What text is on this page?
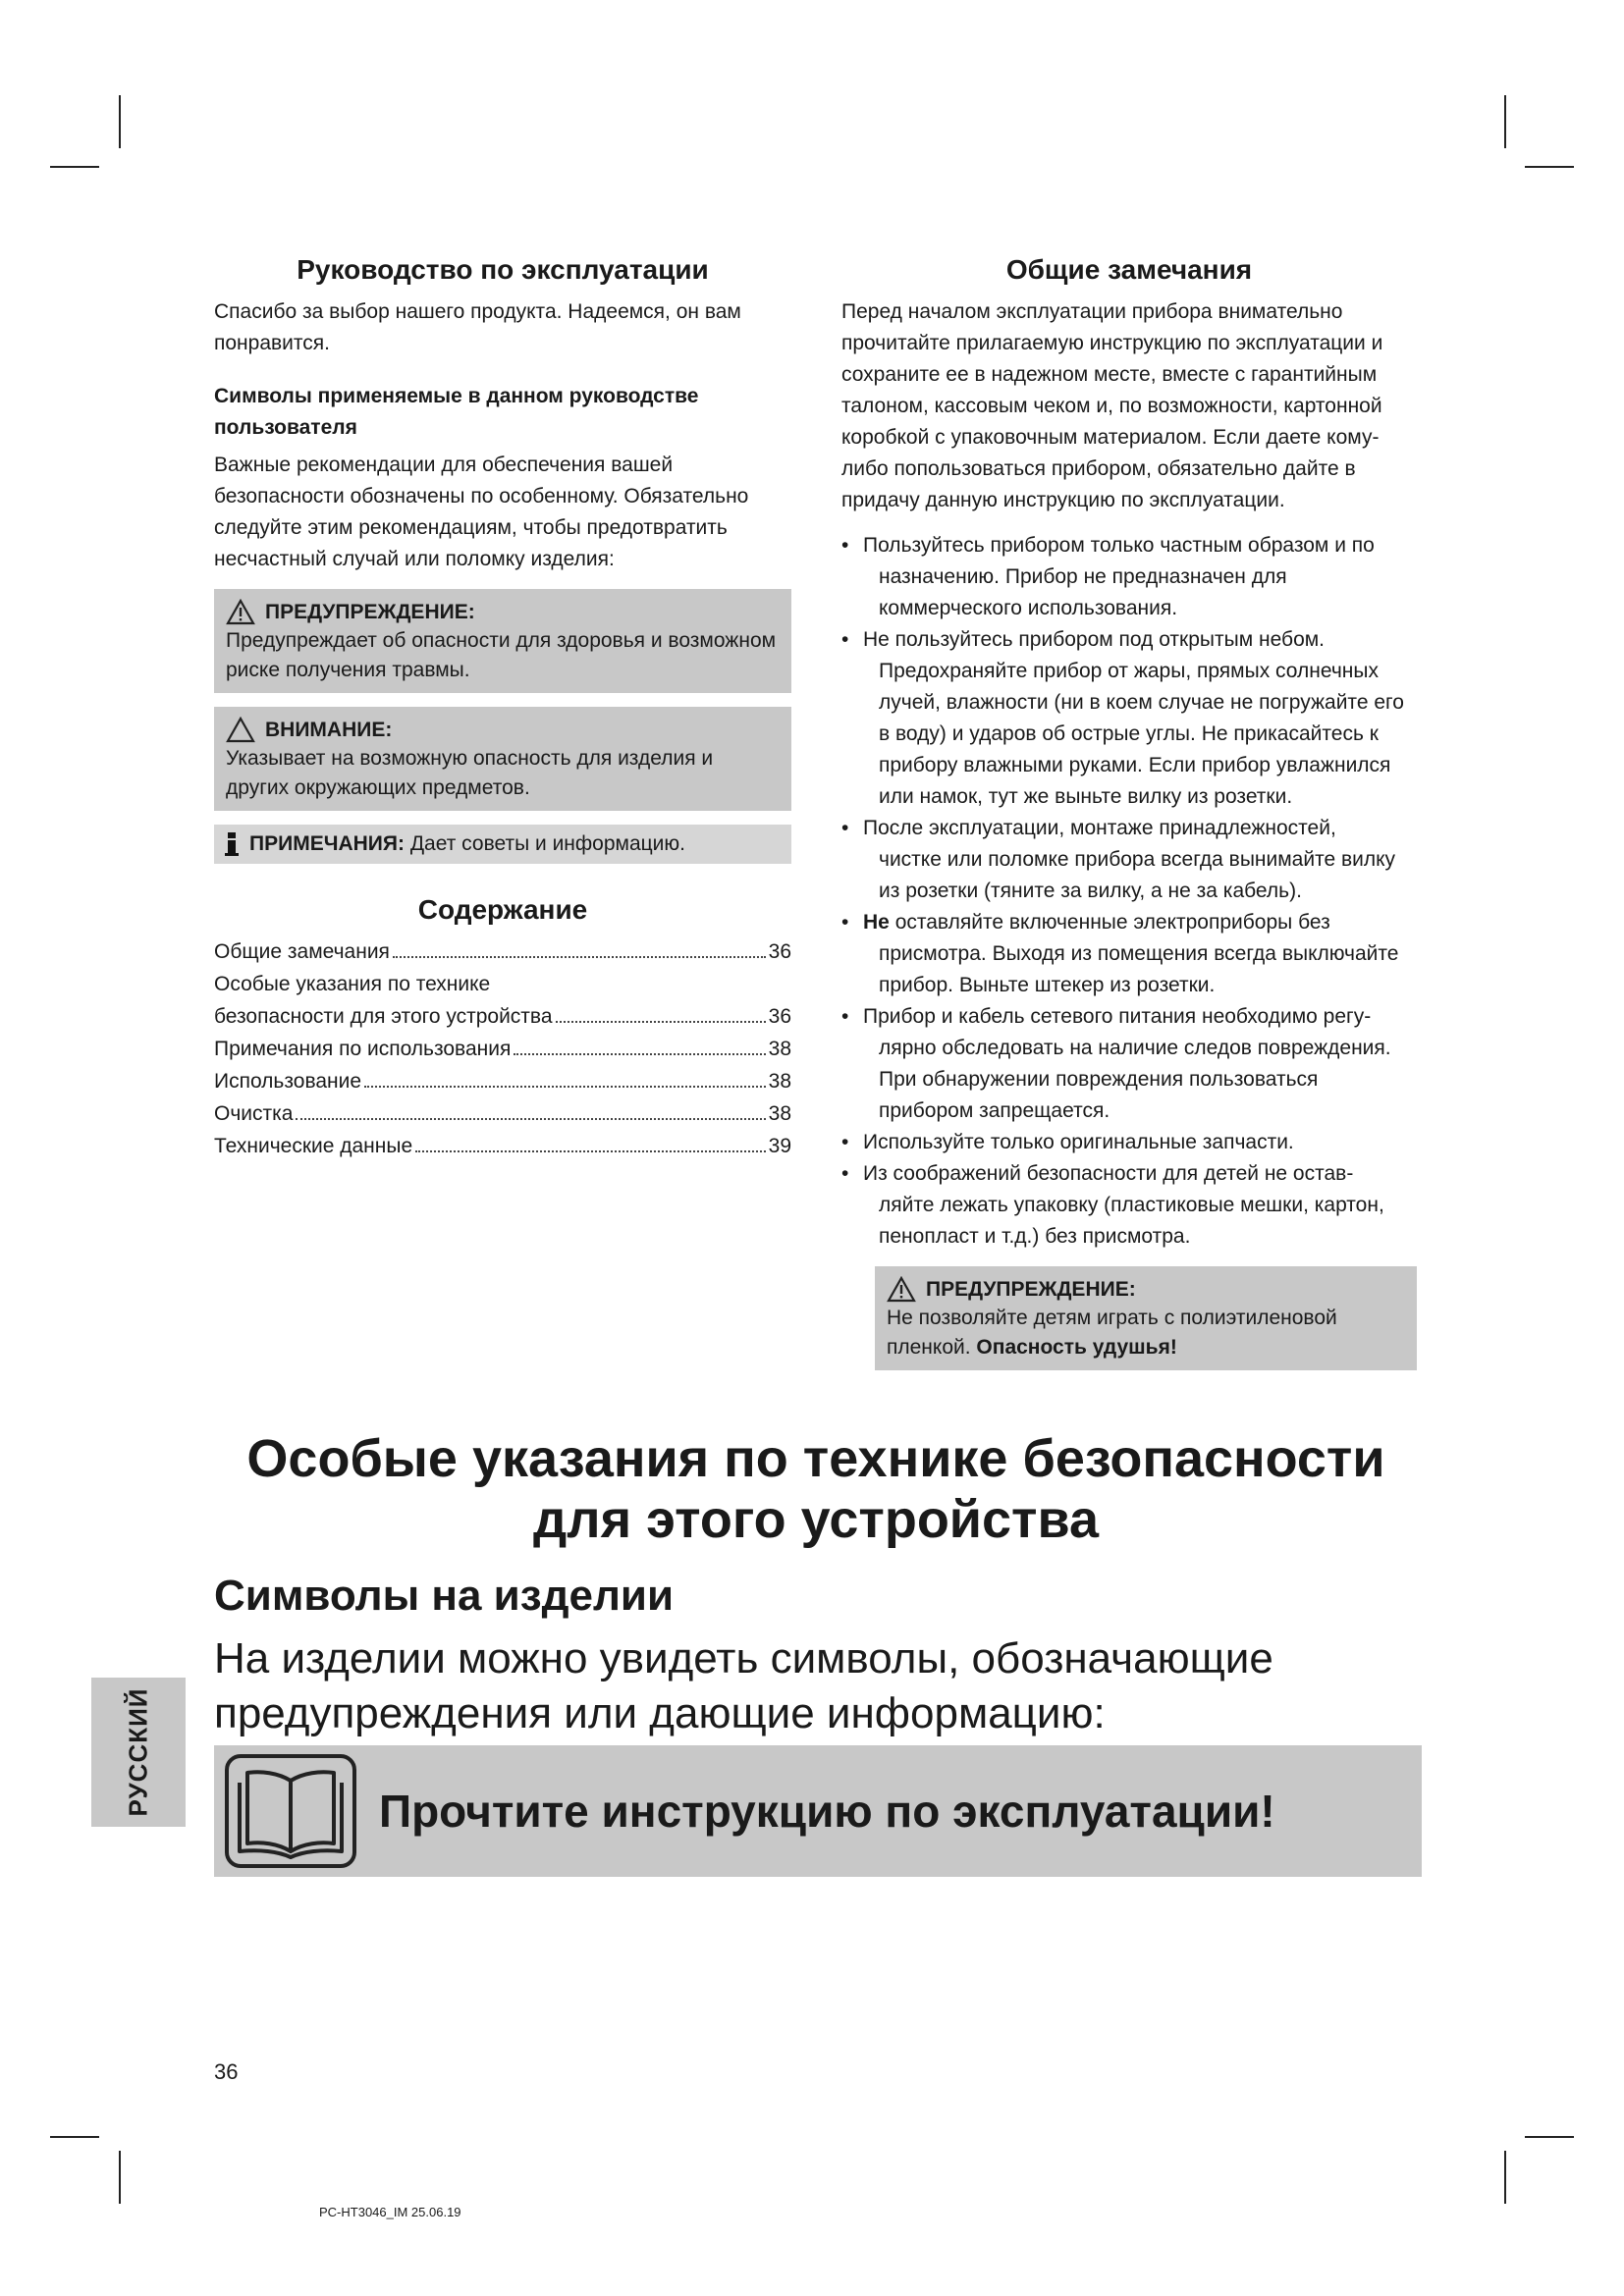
Руководство по эксплуатации

Спасибо за выбор нашего продукта. Надеемся, он вам понравится.

Символы применяемые в данном руководстве пользователя

Важные рекомендации для обеспечения вашей безопасности обозначены по особенному. Обязательно следуйте этим рекомендациям, чтобы предотвратить несчастный случай или поломку изделия:

ПРЕДУПРЕЖДЕНИЕ:
Предупреждает об опасности для здоровья и возможном риске получения травмы.
ВНИМАНИЕ:
Указывает на возможную опасность для изделия и других окружающих предметов.
ПРИМЕЧАНИЯ: Дает советы и информацию.
Содержание
Общие замечания	36
Особые указания по технике
безопасности для этого устройства	36
Примечания по использования	38
Использование	38
Очистка	38
Технические данные	39
Общие замечания

Перед началом эксплуатации прибора внимательно прочитайте прилагаемую инструкцию по эксплуатации и сохраните ее в надежном месте, вместе с гарантийным талоном, кассовым чеком и, по возможности, картонной коробкой с упаковочным материалом. Если даете кому-либо попользоваться прибором, обязательно дайте в придачу данную инструкцию по эксплуатации.

• Пользуйтесь прибором только частным образом и по
назначению. Прибор не предназначен для коммерческого использования.
• Не пользуйтесь прибором под открытым небом.
Предохраняйте прибор от жары, прямых солнечных лучей, влажности (ни в коем случае не погружайте его в воду) и ударов об острые углы. Не прикасайтесь к прибору влажными руками. Если прибор увлажнился или намок, тут же выньте вилку из розетки.
• После эксплуатации, монтаже принадлежностей,
чистке или поломке прибора всегда вынимайте вилку из розетки (тяните за вилку, а не за кабель).
• Не оставляйте включенные электроприборы без
присмотра. Выходя из помещения всегда выключайте прибор. Выньте штекер из розетки.
• Прибор и кабель сетевого питания необходимо регу-
лярно обследовать на наличие следов повреждения. При обнаружении повреждения пользоваться прибором запрещается.
• Используйте только оригинальные запчасти.
• Из соображений безопасности для детей не остав-
ляйте лежать упаковку (пластиковые мешки, картон, пенопласт и т.д.) без присмотра.
ПРЕДУПРЕЖДЕНИЕ:
Не позволяйте детям играть с полиэтиленовой пленкой. Опасность удушья!
Особые указания по технике безопасности
для этого устройства
Символы на изделии
На изделии можно увидеть символы, обозначающие предупреждения или дающие информацию:
Прочтите инструкцию по эксплуатации!
РУССКИЙ
36
PC-HT3046_IM 25.06.19
